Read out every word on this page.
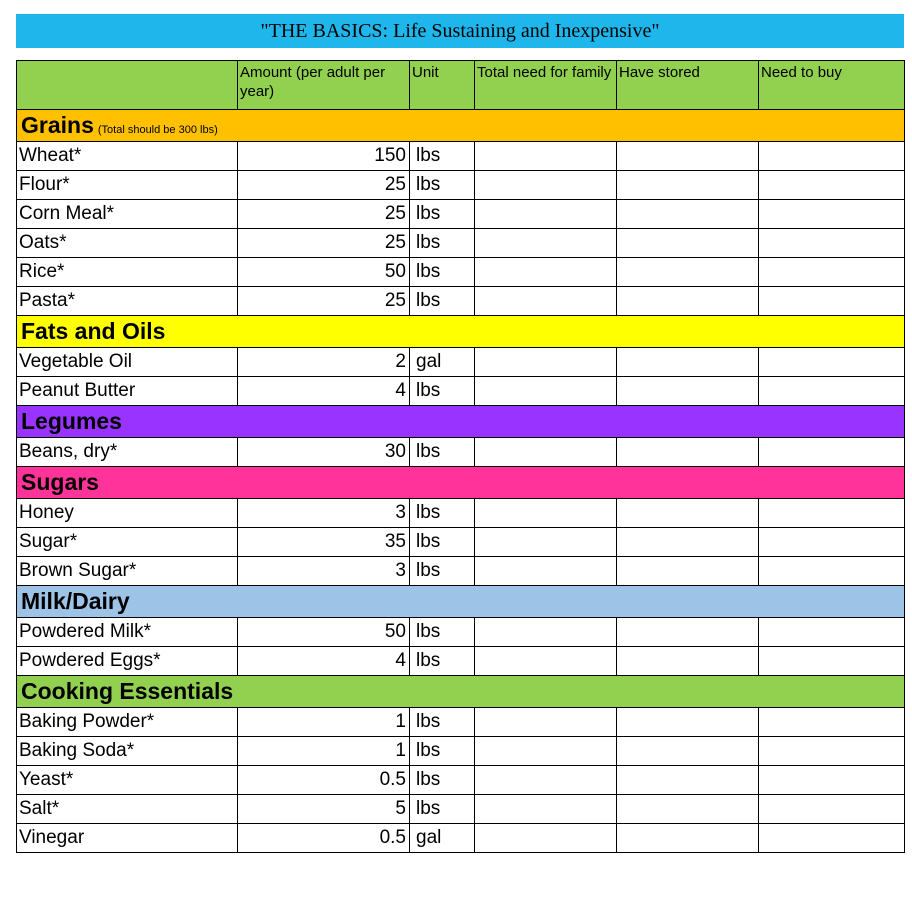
"THE BASICS: Life Sustaining and Inexpensive"
	Amount (per adult per year)	Unit	Total need for family	Have stored	Need to buy
Grains (Total should be 300 lbs)					
Wheat*	150	lbs			
Flour*	25	lbs			
Corn Meal*	25	lbs			
Oats*	25	lbs			
Rice*	50	lbs			
Pasta*	25	lbs			
Fats and Oils					
Vegetable Oil	2	gal			
Peanut Butter	4	lbs			
Legumes					
Beans, dry*	30	lbs			
Sugars					
Honey	3	lbs			
Sugar*	35	lbs			
Brown Sugar*	3	lbs			
Milk/Dairy					
Powdered Milk*	50	lbs			
Powdered Eggs*	4	lbs			
Cooking Essentials					
Baking Powder*	1	lbs			
Baking Soda*	1	lbs			
Yeast*	0.5	lbs			
Salt*	5	lbs			
Vinegar	0.5	gal			
